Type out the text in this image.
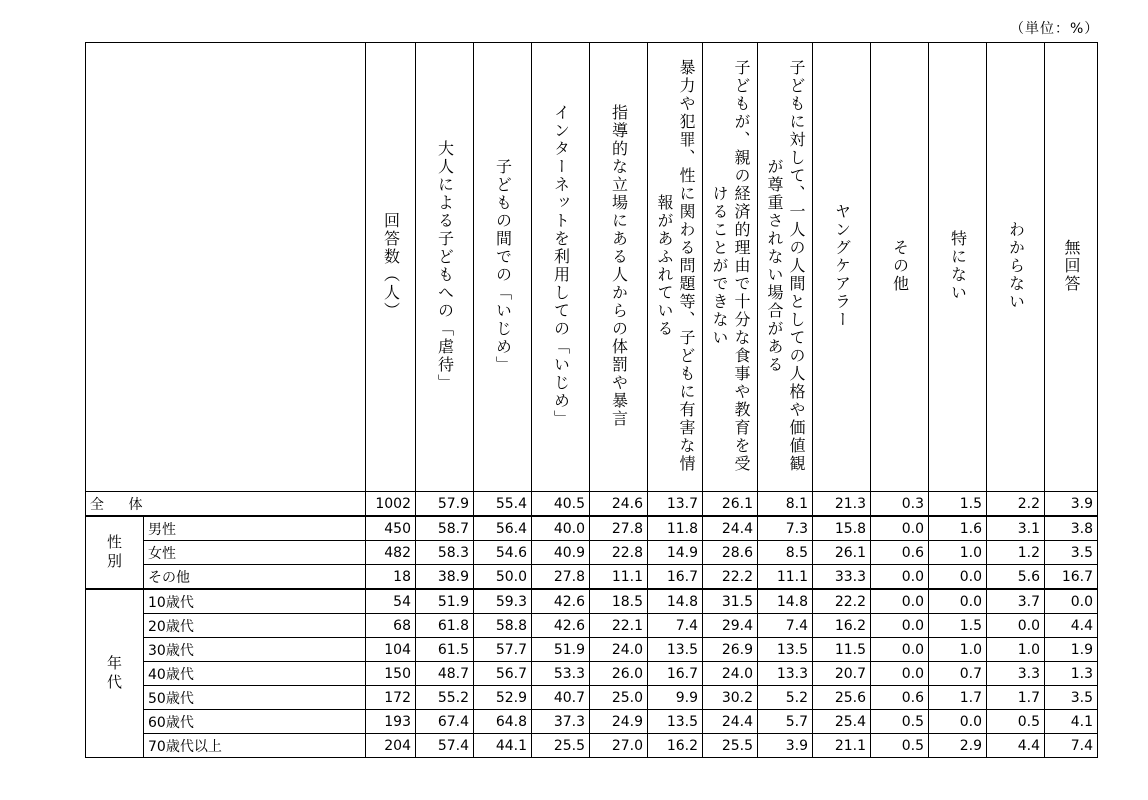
（単位：%）

		回答数（人）	大人による子どもへの「虐待」	子どもの間での「いじめ」	インターネットを利用しての「いじめ」	指導的な立場にある人からの体罰や暴言	暴力や犯罪、性に関わる問題等、子どもに有害な情報があふれている	子どもが、親の経済的理由で十分な食事や教育を受けることができない	子どもに対して、一人の人間としての人格や価値観が尊重されない場合がある	ヤングケアラー	その他	特にない	わからない	無回答

全 体		1002	57.9	55.4	40.5	24.6	13.7	26.1	8.1	21.3	0.3	1.5	2.2	3.9

性別	男性	450	58.7	56.4	40.0	27.8	11.8	24.4	7.3	15.8	0.0	1.6	3.1	3.8
	女性	482	58.3	54.6	40.9	22.8	14.9	28.6	8.5	26.1	0.6	1.0	1.2	3.5
	その他	18	38.9	50.0	27.8	11.1	16.7	22.2	11.1	33.3	0.0	0.0	5.6	16.7

年代	10歳代	54	51.9	59.3	42.6	18.5	14.8	31.5	14.8	22.2	0.0	0.0	3.7	0.0
	20歳代	68	61.8	58.8	42.6	22.1	7.4	29.4	7.4	16.2	0.0	1.5	0.0	4.4
	30歳代	104	61.5	57.7	51.9	24.0	13.5	26.9	13.5	11.5	0.0	1.0	1.0	1.9
	40歳代	150	48.7	56.7	53.3	26.0	16.7	24.0	13.3	20.7	0.0	0.7	3.3	1.3
	50歳代	172	55.2	52.9	40.7	25.0	9.9	30.2	5.2	25.6	0.6	1.7	1.7	3.5
	60歳代	193	67.4	64.8	37.3	24.9	13.5	24.4	5.7	25.4	0.5	0.0	0.5	4.1
	70歳代以上	204	57.4	44.1	25.5	27.0	16.2	25.5	3.9	21.1	0.5	2.9	4.4	7.4
